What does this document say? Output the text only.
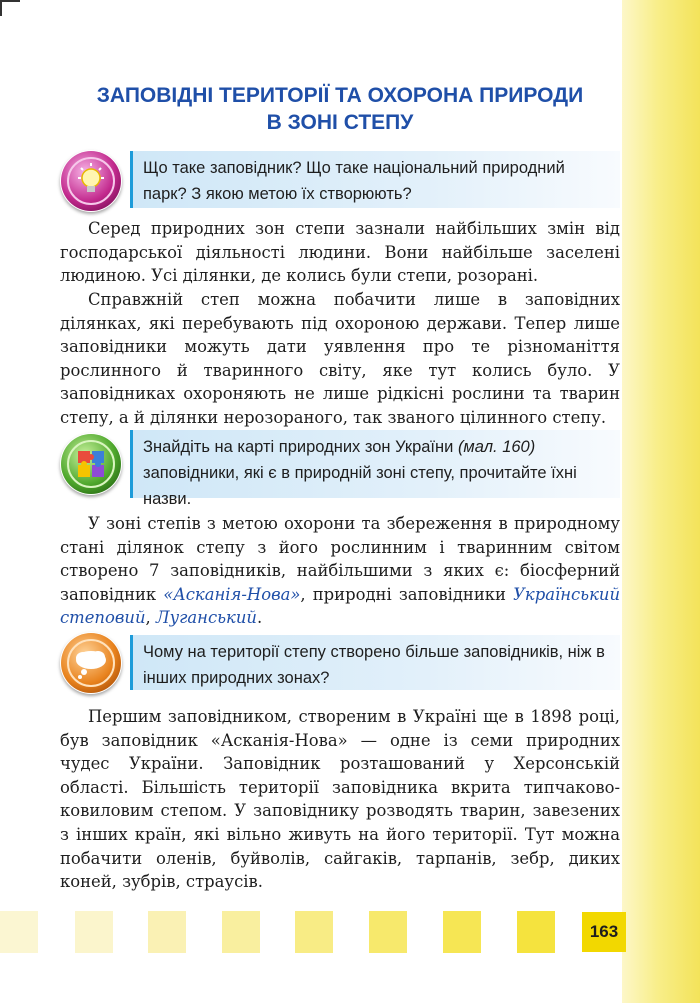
ЗАПОВІДНІ ТЕРИТОРІЇ ТА ОХОРОНА ПРИРОДИ
В ЗОНІ СТЕПУ
Що таке заповідник? Що таке національний природний парк? З якою метою їх створюють?

Серед природних зон степи зазнали найбільших змін від господарської діяльності людини. Вони найбільше заселені людиною. Усі ділянки, де колись були степи, розорані.

Справжній степ можна побачити лише в заповідних ділянках, які перебувають під охороною держави. Тепер лише заповідники можуть дати уявлення про те різноманіття рослинного й тваринного світу, яке тут колись було. У заповідниках охороняють не лише рідкісні рослини та тварин степу, а й ділянки нерозораного, так званого цілинного степу.

Знайдіть на карті природних зон України (мал. 160) заповідники, які є в природній зоні степу, прочитайте їхні назви.

У зоні степів з метою охорони та збереження в природному стані ділянок степу з його рослинним і тваринним світом створено 7 заповідників, найбільшими з яких є: біосферний заповідник «Асканія-Нова», природні заповідники Український степовий, Луганський.

Чому на території степу створено більше заповідників, ніж в інших природних зонах?

Першим заповідником, створеним в Україні ще в 1898 році, був заповідник «Асканія-Нова» — одне із семи природних чудес України. Заповідник розташований у Херсонській області. Більшість території заповідника вкрита типчаково-ковиловим степом. У заповіднику розводять тварин, завезених з інших країн, які вільно живуть на його території. Тут можна побачити оленів, буйволів, сайгаків, тарпанів, зебр, диких коней, зубрів, страусів.

163
